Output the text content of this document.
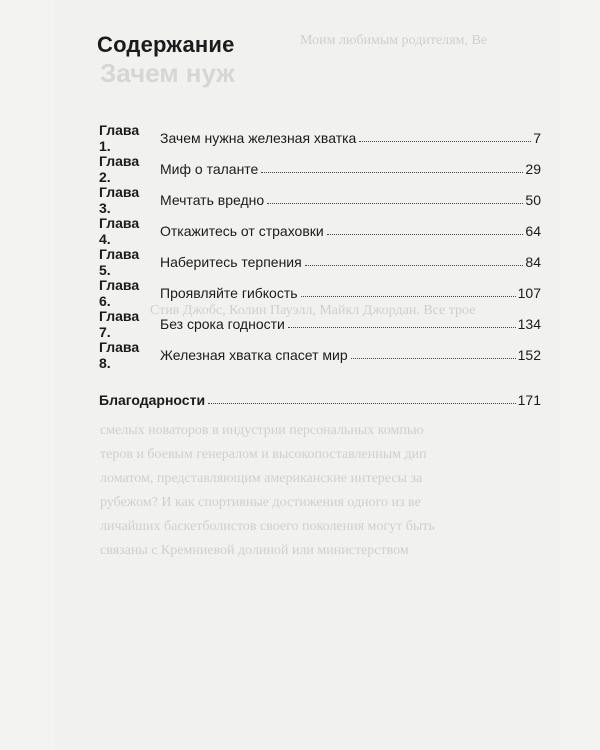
Моим любимым родителям, Ве
Зачем нуж
Стив Джобс, Колин Пауэлл, Майкл Джордан. Все трое
смелых новаторов в индустрии персональных компью
теров и боевым генералом и высокопоставленным дип
ломатом, представляющим американские интересы за
рубежом? И как спортивные достижения одного из ве
личайших баскетболистов своего поколения могут быть
связаны с Кремниевой долиной или министерством
Содержание
Глава 1.	Зачем нужна железная хватка	7
Глава 2.	Миф о таланте	29
Глава 3.	Мечтать вредно	50
Глава 4.	Откажитесь от страховки	64
Глава 5.	Наберитесь терпения	84
Глава 6.	Проявляйте гибкость	107
Глава 7.	Без срока годности	134
Глава 8.	Железная хватка спасет мир	152
Благодарности	171
